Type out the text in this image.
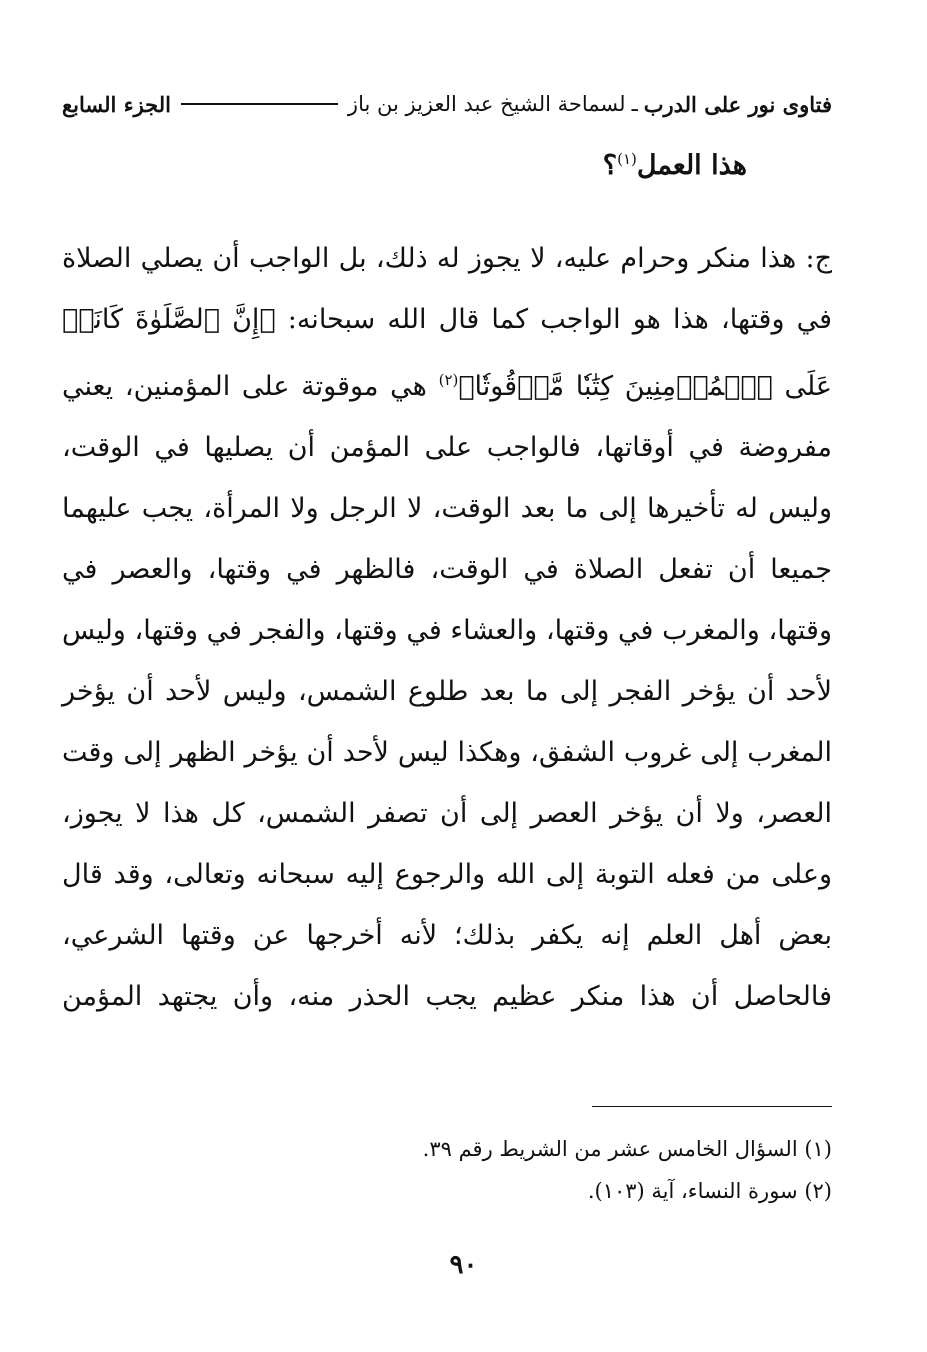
فتاوى نور على الدرب
ـ
لسماحة الشيخ عبد العزيز بن باز
الجزء السابع
هذا العمل$^{(١)}$؟

ج: هذا منكر وحرام عليه، لا يجوز له ذلك، بل الواجب أن يصلي الصلاة في وقتها، هذا هو الواجب كما قال الله سبحانه: ﴿إِنَّ ٱلصَّلَوٰةَ كَانَتۡ عَلَى ٱلۡمُؤۡمِنِينَ كِتَٰبٗا مَّوۡقُوتٗا﴾$^{(٢)}$ هي موقوتة على المؤمنين، يعني مفروضة في أوقاتها، فالواجب على المؤمن أن يصليها في الوقت، وليس له تأخيرها إلى ما بعد الوقت، لا الرجل ولا المرأة، يجب عليهما جميعا أن تفعل الصلاة في الوقت، فالظهر في وقتها، والعصر في وقتها، والمغرب في وقتها، والعشاء في وقتها، والفجر في وقتها، وليس لأحد أن يؤخر الفجر إلى ما بعد طلوع الشمس، وليس لأحد أن يؤخر المغرب إلى غروب الشفق، وهكذا ليس لأحد أن يؤخر الظهر إلى وقت العصر، ولا أن يؤخر العصر إلى أن تصفر الشمس، كل هذا لا يجوز، وعلى من فعله التوبة إلى الله والرجوع إليه سبحانه وتعالى، وقد قال بعض أهل العلم إنه يكفر بذلك؛ لأنه أخرجها عن وقتها الشرعي، فالحاصل أن هذا منكر عظيم يجب الحذر منه، وأن يجتهد المؤمن

(١) السؤال الخامس عشر من الشريط رقم ٣٩.
(٢) سورة النساء، آية (١٠٣).
٩٠
